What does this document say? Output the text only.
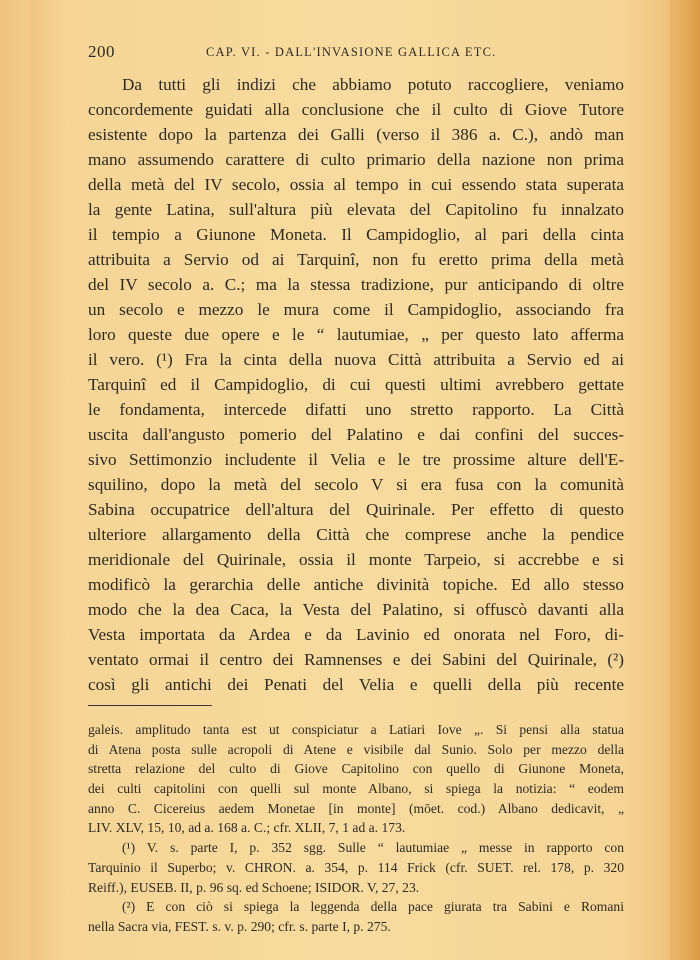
200	CAP. VI. - DALL'INVASIONE GALLICA ETC.
Da tutti gli indizi che abbiamo potuto raccogliere, veniamo
concordemente guidati alla conclusione che il culto di Giove Tutore
esistente dopo la partenza dei Galli (verso il 386 a. C.), andò man
mano assumendo carattere di culto primario della nazione non prima
della metà del IV secolo, ossia al tempo in cui essendo stata superata
la gente Latina, sull'altura più elevata del Capitolino fu innalzato
il tempio a Giunone Moneta. Il Campidoglio, al pari della cinta
attribuita a Servio od ai Tarquinî, non fu eretto prima della metà
del IV secolo a. C.; ma la stessa tradizione, pur anticipando di oltre
un secolo e mezzo le mura come il Campidoglio, associando fra
loro queste due opere e le “ lautumiae, „ per questo lato afferma
il vero. (¹) Fra la cinta della nuova Città attribuita a Servio ed ai
Tarquinî ed il Campidoglio, di cui questi ultimi avrebbero gettate
le fondamenta, intercede difatti uno stretto rapporto. La Città
uscita dall'angusto pomerio del Palatino e dai confini del succes-
sivo Settimonzio includente il Velia e le tre prossime alture dell'E-
squilino, dopo la metà del secolo V si era fusa con la comunità
Sabina occupatrice dell'altura del Quirinale. Per effetto di questo
ulteriore allargamento della Città che comprese anche la pendice
meridionale del Quirinale, ossia il monte Tarpeio, si accrebbe e si
modificò la gerarchia delle antiche divinità topiche. Ed allo stesso
modo che la dea Caca, la Vesta del Palatino, si offuscò davanti alla
Vesta importata da Ardea e da Lavinio ed onorata nel Foro, di-
ventato ormai il centro dei Ramnenses e dei Sabini del Quirinale, (²)
così gli antichi dei Penati del Velia e quelli della più recente
galeis. amplitudo tanta est ut conspiciatur a Latiari Iove „. Si pensi alla statua
di Atena posta sulle acropoli di Atene e visibile dal Sunio. Solo per mezzo della
stretta relazione del culto di Giove Capitolino con quello di Giunone Moneta,
dei culti capitolini con quelli sul monte Albano, si spiega la notizia: “ eodem
anno C. Cicereius aedem Monetae [in monte] (mōet. cod.) Albano dedicavit, „
LIV. XLV, 15, 10, ad a. 168 a. C.; cfr. XLII, 7, 1 ad a. 173.
(¹) V. s. parte I, p. 352 sgg. Sulle “ lautumiae „ messe in rapporto con
Tarquinio il Superbo; v. CHRON. a. 354, p. 114 Frick (cfr. SUET. rel. 178, p. 320
Reiff.), EUSEB. II, p. 96 sq. ed Schoene; ISIDOR. V, 27, 23.
(²) E con ciò si spiega la leggenda della pace giurata tra Sabini e Romani
nella Sacra via, FEST. s. v. p. 290; cfr. s. parte I, p. 275.
